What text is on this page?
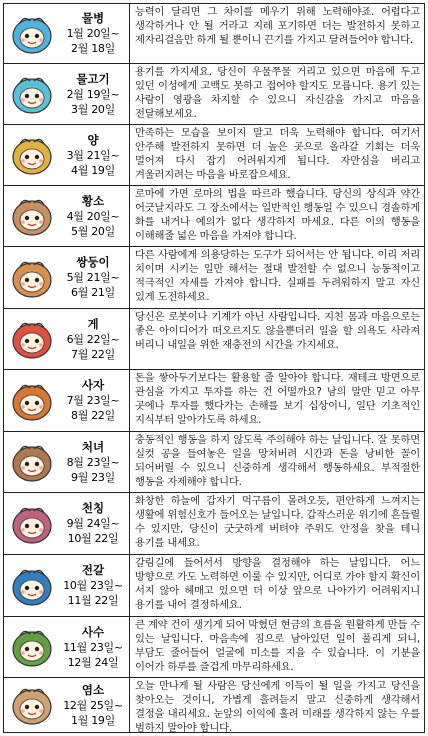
물병
1월 20일~
2월 18일
능력이 달리면 그 차이를 메우기 위해 노력해야죠. 어렵다고 생각하거나 안 될 거라고 지레 포기하면 더는 발전하지 못하고 제자리걸음만 하게 될 뿐이니 끈기를 가지고 달려들어야 합니다.
물고기
2월 19일~
3월 20일
용기를 가지세요. 당신이 우물쭈물 거리고 있으면 마음에 두고 있던 이성에게 고백도 못하고 접어야 할지도 모릅니다. 용기 있는 사람이 영광을 차지할 수 있으니 자신감을 가지고 마음을 전달해보세요.
양
3월 21일~
4월 19일
만족하는 모습을 보이지 말고 더욱 노력해야 합니다. 여기서 안주해 발전하지 못하면 더 높은 곳으로 올라갈 기회는 더욱 멀어져 다시 잡기 어려워지게 됩니다. 자만심을 버리고 겨울러지려는 마음을 바로잡으세요.
황소
4월 20일~
5월 20일
로마에 가면 로마의 법을 따르라 했습니다. 당신의 상식과 약간 어긋날지라도 그 장소에서는 일반적인 행동일 수 있으니 경솔하게 화를 내거나 예의가 없다 생각하지 마세요. 다른 이의 행동을 이해해줄 넓은 마음을 가져야 합니다.
쌍둥이
5월 21일~
6월 21일
다른 사람에게 의용당하는 도구가 되어서는 안 됩니다. 이리 저리 치이며 시키는 일만 해서는 절대 발전할 수 없으니 능동적이고 적극적인 자세를 가져야 합니다. 실패를 두려워하지 말고 자신 있게 도전하세요.
게
6월 22일~
7월 22일
당신은 로봇이나 기계가 아닌 사람입니다. 지친 몸과 마음으로는 좋은 아이디어가 떠오르지도 않을뿐더러 일을 할 의욕도 사라져 버리니 내일을 위한 재충전의 시간을 가지세요.
사자
7월 23일~
8월 22일
돈을 쌓아두기보다는 활용할 줄 알아야 합니다. 재테크 방면으로 관심을 가지고 투자를 하는 건 어떨까요? 남의 말만 믿고 아무 곳에나 투자를 했다가는 손해를 보기 십상이니, 일단 기초적인 지식부터 알아가도록 하세요.
처녀
8월 23일~
9월 23일
충동적인 행동을 하지 않도록 주의해야 하는 날입니다. 잘 못하면 실컷 공을 들여놓은 일을 망쳐버려 시간과 돈을 낭비한 꼴이 되어버릴 수 있으니 신중하게 생각해서 행동하세요. 부적절한 행동을 자제해야 합니다.
천칭
9월 24일~
10월 22일
화창한 하늘에 갑자기 먹구름이 몰려오듯, 편안하게 느껴지는 생활에 위험신호가 들어오는 날입니다. 갑작스러운 위기에 흔들릴 수 있지만, 당신이 굿굿하게 버텨야 주위도 안정을 찾을 테니 용기를 내세요.
전갈
10월 23일~
11월 22일
갈림길에 들어서서 방향을 결정해야 하는 날입니다. 어느 방향으로 가도 노력하면 이룰 수 있지만, 어디로 가야 할지 확신이 서지 않아 헤매고 있으면 더 이상 앞으로 나아가기 어려워지니 용기를 내어 결정하세요.
사수
11월 23일~
12월 24일
큰 계약 건이 생기게 되어 막혔던 현금의 흐름을 원활하게 만들 수 있는 날입니다. 마음속에 짐으로 남아있던 일이 풀리게 되니, 부담도 줄어들어 얼굴에 미소를 지을 수 있습니다. 이 기분을 이어가 하루를 즐겁게 마무리하세요.
염소
12월 25일~
1월 19일
오늘 만나게 될 사람은 당신에게 이득이 될 일을 가지고 당신을 찾아오는 것이니, 가볍게 흘려듣지 말고 신중하게 생각해서 결정을 내리세요. 눈앞의 이익에 홀려 미래를 생각하지 않는 우를 범하지 말아야 합니다.
